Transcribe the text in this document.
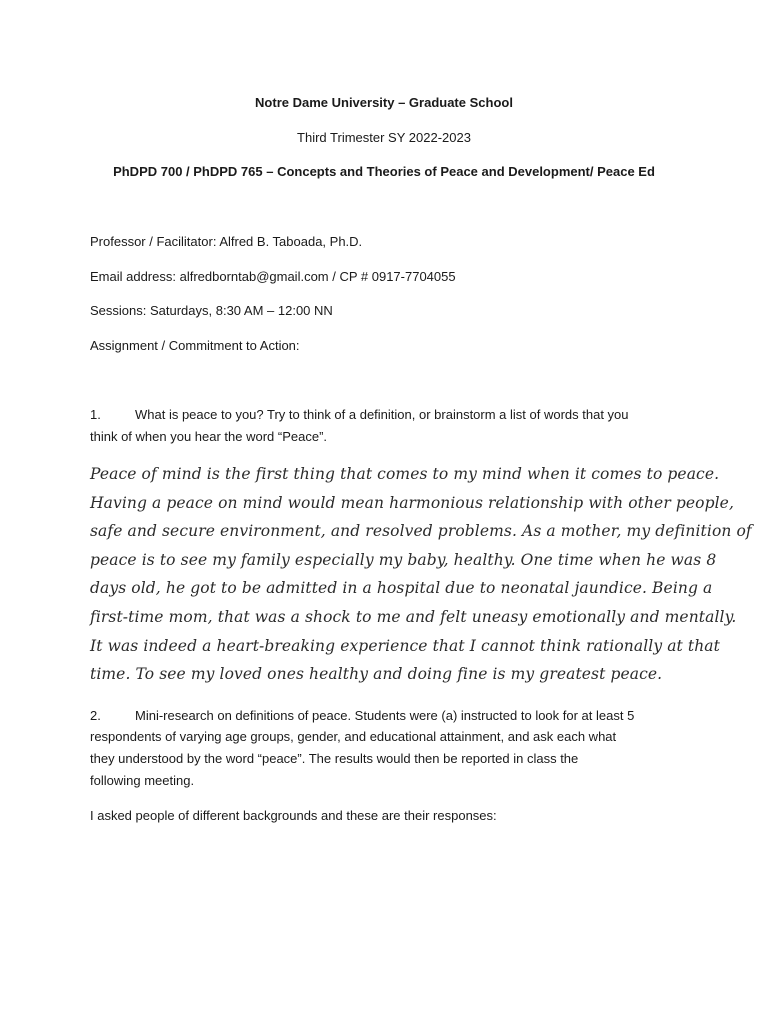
Notre Dame University – Graduate School
Third Trimester SY 2022-2023
PhDPD 700 / PhDPD 765 – Concepts and Theories of Peace and Development/ Peace Ed
Professor / Facilitator: Alfred B. Taboada, Ph.D.
Email address: alfredborntab@gmail.com / CP # 0917-7704055
Sessions: Saturdays, 8:30 AM – 12:00 NN
Assignment / Commitment to Action:
1.	What is peace to you? Try to think of a definition, or brainstorm a list of words that you
think of when you hear the word “Peace”.
Peace of mind is the first thing that comes to my mind when it comes to peace.
Having a peace on mind would mean harmonious relationship with other people,
safe and secure environment, and resolved problems. As a mother, my definition of
peace is to see my family especially my baby, healthy. One time when he was 8
days old, he got to be admitted in a hospital due to neonatal jaundice. Being a
first-time mom, that was a shock to me and felt uneasy emotionally and mentally.
It was indeed a heart-breaking experience that I cannot think rationally at that
time. To see my loved ones healthy and doing fine is my greatest peace.
2.	Mini-research on definitions of peace. Students were (a) instructed to look for at least 5
respondents of varying age groups, gender, and educational attainment, and ask each what
they understood by the word “peace”. The results would then be reported in class the
following meeting.
I asked people of different backgrounds and these are their responses:
